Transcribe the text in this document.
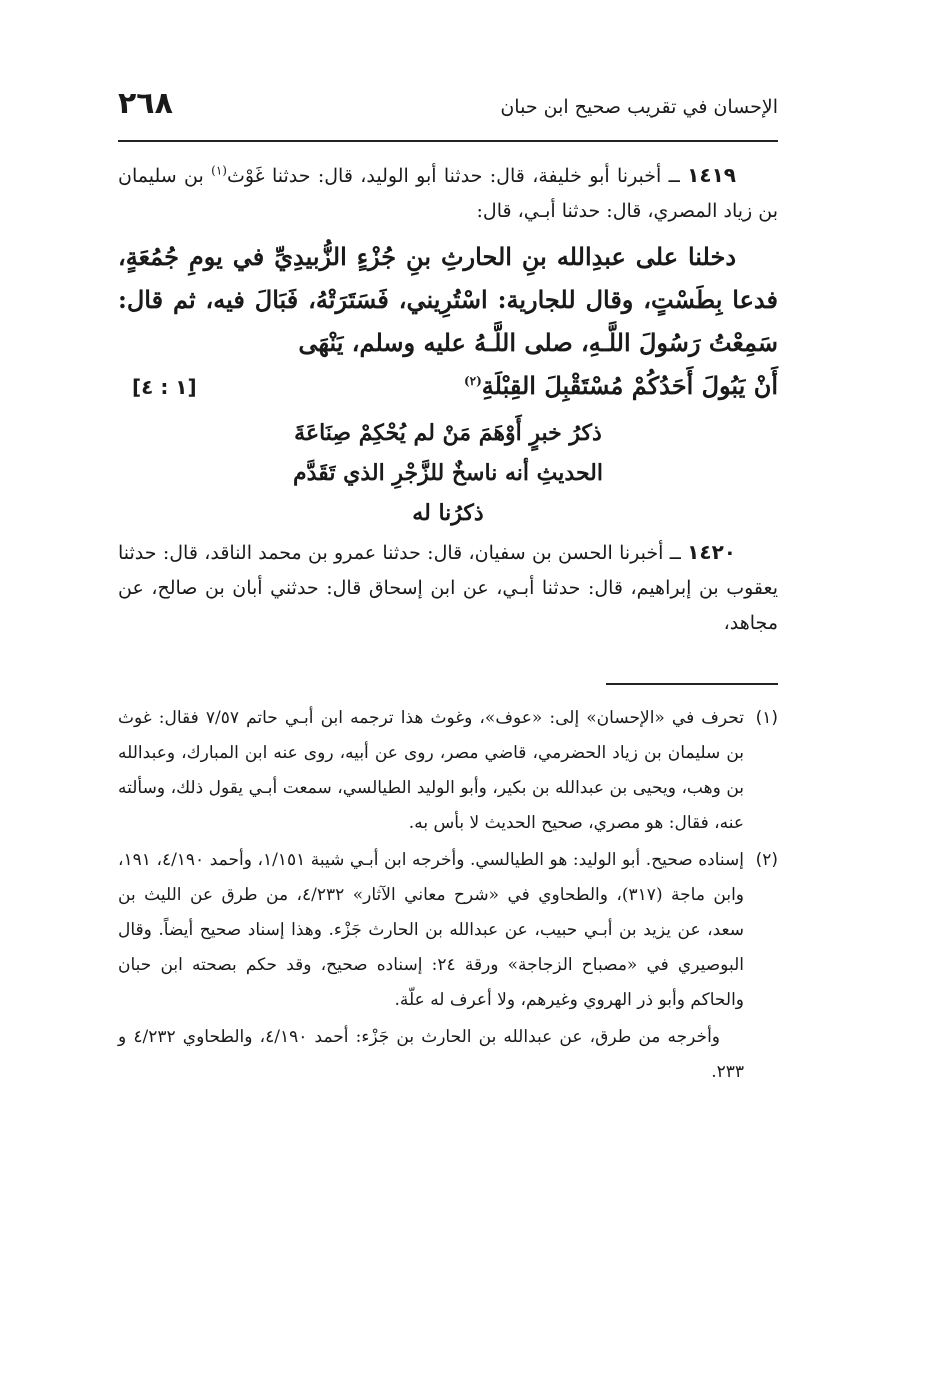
الإحسان في تقريب صحيح ابن حبان
٢٦٨

١٤١٩ ــ أخبرنا أبو خليفة، قال: حدثنا أبو الوليد، قال: حدثنا غَوْث$^{(١)}$ بن سليمان بن زياد المصري، قال: حدثنا أبـي، قال:

دخلنا على عبدِالله بنِ الحارثِ بنِ جُزْءٍ الزُّبيدِيِّ في يومِ جُمُعَةٍ، فدعا بِطَسْتٍ، وقال للجارية: اسْتُرِيني، فَسَتَرَتْهُ، فَبَالَ فيه، ثم قال: سَمِعْتُ رَسُولَ اللَّـهِ، صلى اللَّـهُ عليه وسلم، يَنْهَى

أَنْ يَبُولَ أَحَدُكُمْ مُسْتَقْبِلَ القِبْلَةِ$^{(٢)}$
[١ : ٤]
ذكرُ خبرٍ أَوْهَمَ مَنْ لم يُحْكِمْ صِنَاعَةَ
الحديثِ أنه ناسخٌ للزَّجْرِ الذي تَقَدَّم
ذكرُنا له

١٤٢٠ ــ أخبرنا الحسن بن سفيان، قال: حدثنا عمرو بن محمد الناقد، قال: حدثنا يعقوب بن إبراهيم، قال: حدثنا أبـي، عن ابن إسحاق قال: حدثني أبان بن صالح، عن مجاهد،

(١)
تحرف في «الإحسان» إلى: «عوف»، وغوث هذا ترجمه ابن أبـي حاتم ٧/٥٧ فقال: غوث بن سليمان بن زياد الحضرمي، قاضي مصر، روى عن أبيه، روى عنه ابن المبارك، وعبدالله بن وهب، ويحيى بن عبدالله بن بكير، وأبو الوليد الطيالسي، سمعت أبـي يقول ذلك، وسألته عنه، فقال: هو مصري، صحيح الحديث لا بأس به.
(٢)
إسناده صحيح. أبو الوليد: هو الطيالسي. وأخرجه ابن أبـي شيبة ١/١٥١، وأحمد ٤/١٩٠، ١٩١، وابن ماجة (٣١٧)، والطحاوي في «شرح معاني الآثار» ٤/٢٣٢، من طرق عن الليث بن سعد، عن يزيد بن أبـي حبيب، عن عبدالله بن الحارث جَزْء. وهذا إسناد صحيح أيضاً. وقال البوصيري في «مصباح الزجاجة» ورقة ٢٤: إسناده صحيح، وقد حكم بصحته ابن حبان والحاكم وأبو ذر الهروي وغيرهم، ولا أعرف له علّة.

وأخرجه من طرق، عن عبدالله بن الحارث بن جَزْء: أحمد ٤/١٩٠، والطحاوي ٤/٢٣٢ و ٢٣٣.
